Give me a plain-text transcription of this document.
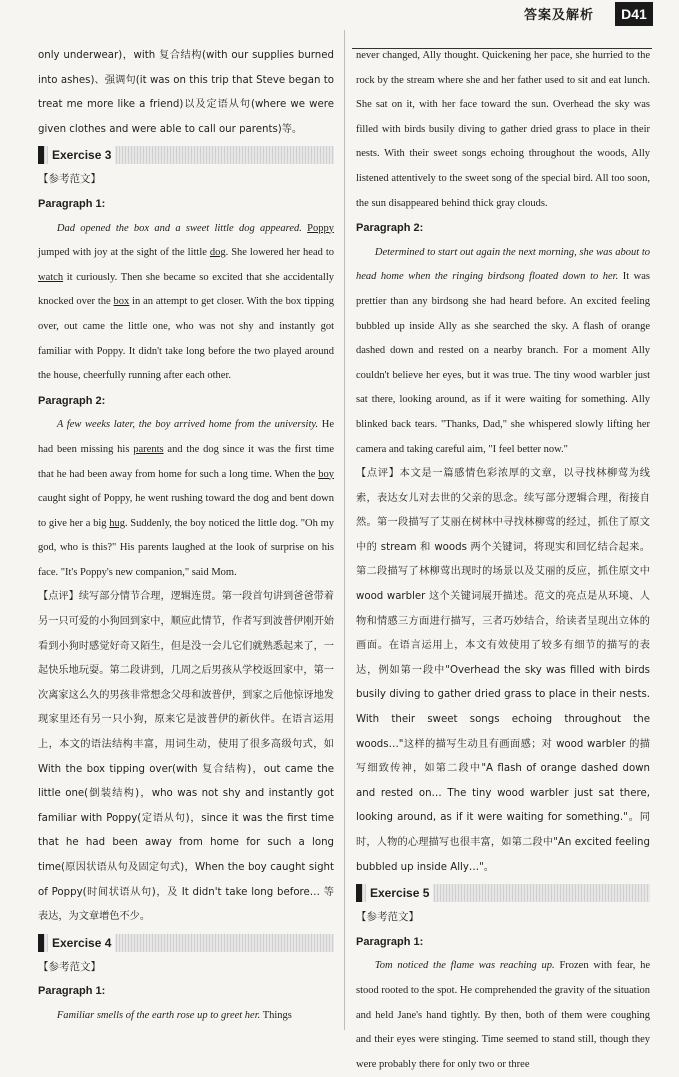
答案及解析	D41

only underwear)，with 复合结构(with our supplies burned into ashes)、强调句(it was on this trip that Steve began to treat me more like a friend)以及定语从句(where we were given clothes and were able to call our parents)等。

Exercise 3

【参考范文】

Paragraph 1:

Dad opened the box and a sweet little dog appeared. Poppy jumped with joy at the sight of the little dog. She lowered her head to watch it curiously. Then she became so excited that she accidentally knocked over the box in an attempt to get closer. With the box tipping over, out came the little one, who was not shy and instantly got familiar with Poppy. It didn't take long before the two played around the house, cheerfully running after each other.

Paragraph 2:

A few weeks later, the boy arrived home from the university. He had been missing his parents and the dog since it was the first time that he had been away from home for such a long time. When the boy caught sight of Poppy, he went rushing toward the dog and bent down to give her a big hug. Suddenly, the boy noticed the little dog. "Oh my god, who is this?" His parents laughed at the look of surprise on his face. "It's Poppy's new companion," said Mom.

【点评】续写部分情节合理，逻辑连贯。第一段首句讲到爸爸带着另一只可爱的小狗回到家中，顺应此情节，作者写到波普伊刚开始看到小狗时感觉好奇又陌生，但是没一会儿它们就熟悉起来了，一起快乐地玩耍。第二段讲到，几周之后男孩从学校返回家中，第一次离家这么久的男孩非常想念父母和波普伊，到家之后他惊讶地发现家里还有另一只小狗，原来它是波普伊的新伙伴。在语言运用上，本文的语法结构丰富，用词生动，使用了很多高级句式，如 With the box tipping over(with 复合结构)，out came the little one(倒装结构)，who was not shy and instantly got familiar with Poppy(定语从句)，since it was the first time that he had been away from home for such a long time(原因状语从句及固定句式)，When the boy caught sight of Poppy(时间状语从句)，及 It didn't take long before… 等表达，为文章增色不少。

Exercise 4

【参考范文】

Paragraph 1:

Familiar smells of the earth rose up to greet her. Things

never changed, Ally thought. Quickening her pace, she hurried to the rock by the stream where she and her father used to sit and eat lunch. She sat on it, with her face toward the sun. Overhead the sky was filled with birds busily diving to gather dried grass to place in their nests. With their sweet songs echoing throughout the woods, Ally listened attentively to the sweet song of the special bird. All too soon, the sun disappeared behind thick gray clouds.

Paragraph 2:

Determined to start out again the next morning, she was about to head home when the ringing birdsong floated down to her. It was prettier than any birdsong she had heard before. An excited feeling bubbled up inside Ally as she searched the sky. A flash of orange dashed down and rested on a nearby branch. For a moment Ally couldn't believe her eyes, but it was true. The tiny wood warbler just sat there, looking around, as if it were waiting for something. Ally blinked back tears. "Thanks, Dad," she whispered slowly lifting her camera and taking careful aim, "I feel better now."

【点评】本文是一篇感情色彩浓厚的文章，以寻找林柳莺为线索，表达女儿对去世的父亲的思念。续写部分逻辑合理，衔接自然。第一段描写了艾丽在树林中寻找林柳莺的经过，抓住了原文中的 stream 和 woods 两个关键词，将现实和回忆结合起来。第二段描写了林柳莺出现时的场景以及艾丽的反应，抓住原文中 wood warbler 这个关键词展开描述。范文的亮点是从环境、人物和情感三方面进行描写，三者巧妙结合，给读者呈现出立体的画面。在语言运用上，本文有效使用了较多有细节的描写的表达，例如第一段中"Overhead the sky was filled with birds busily diving to gather dried grass to place in their nests. With their sweet songs echoing throughout the woods…"这样的描写生动且有画面感；对 wood warbler 的描写细致传神，如第二段中"A flash of orange dashed down and rested on… The tiny wood warbler just sat there, looking around, as if it were waiting for something."。同时，人物的心理描写也很丰富，如第二段中"An excited feeling bubbled up inside Ally…"。

Exercise 5

【参考范文】

Paragraph 1:

Tom noticed the flame was reaching up. Frozen with fear, he stood rooted to the spot. He comprehended the gravity of the situation and held Jane's hand tightly. By then, both of them were coughing and their eyes were stinging. Time seemed to stand still, though they were probably there for only two or three
